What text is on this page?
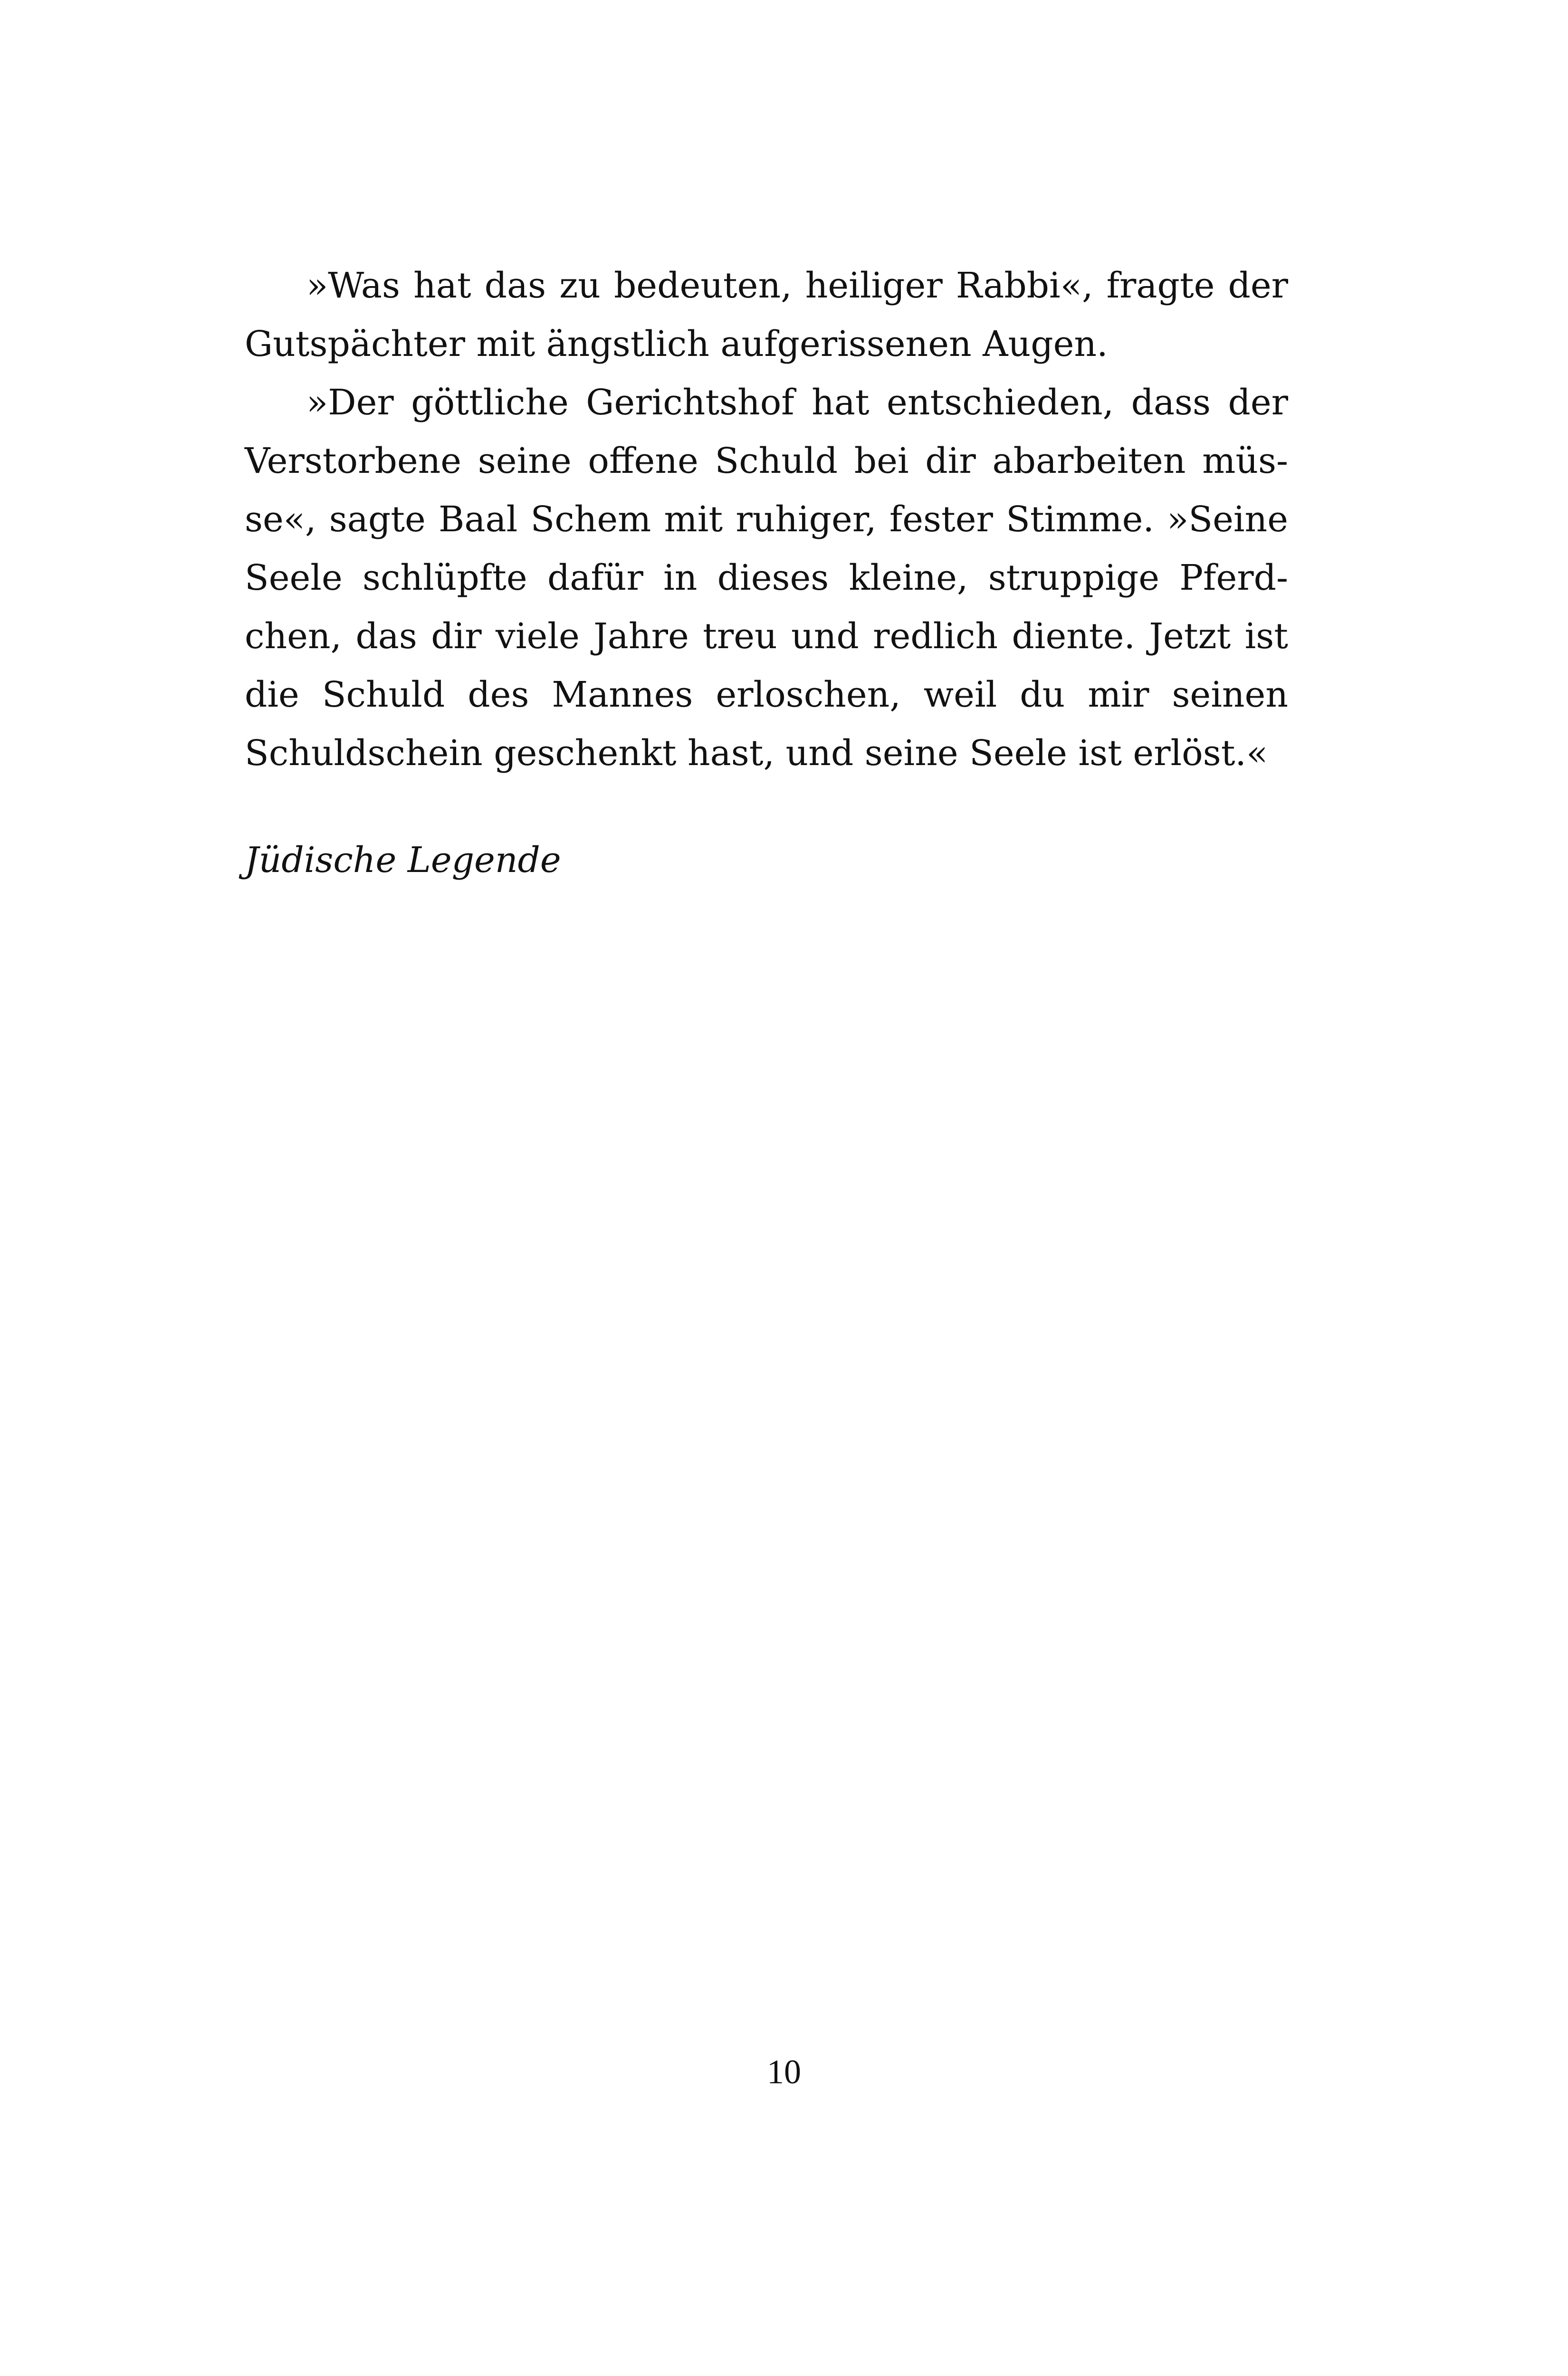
»Was hat das zu bedeuten, heiliger Rabbi«, fragte der
Gutspächter mit ängstlich aufgerissenen Augen.
»Der göttliche Gerichtshof hat entschieden, dass der
Verstorbene seine offene Schuld bei dir abarbeiten müs-
se«, sagte Baal Schem mit ruhiger, fester Stimme. »Seine
Seele schlüpfte dafür in dieses kleine, struppige Pferd-
chen, das dir viele Jahre treu und redlich diente. Jetzt ist
die Schuld des Mannes erloschen, weil du mir seinen
Schuldschein geschenkt hast, und seine Seele ist erlöst.«
Jüdische Legende
10
